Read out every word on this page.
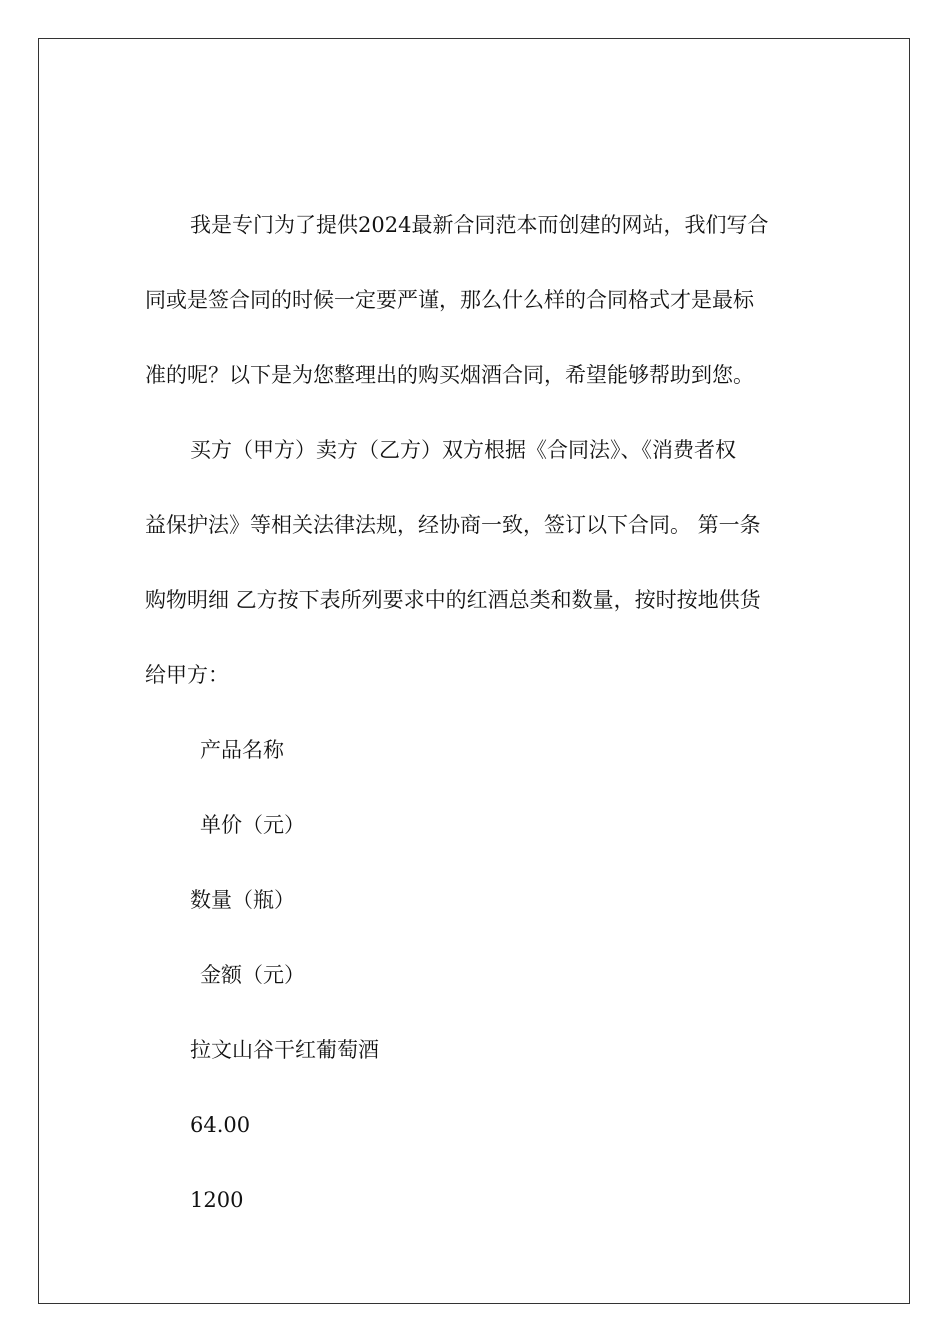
我是专门为了提供2024最新合同范本而创建的网站，我们写合
同或是签合同的时候一定要严谨，那么什么样的合同格式才是最标
准的呢？以下是为您整理出的购买烟酒合同，希望能够帮助到您。
买方（甲方）卖方（乙方）双方根据《合同法》、《消费者权
益保护法》等相关法律法规，经协商一致，签订以下合同。 第一条
购物明细 乙方按下表所列要求中的红酒总类和数量，按时按地供货
给甲方：
产品名称
单价（元）
数量（瓶）
金额（元）
拉文山谷干红葡萄酒
64.00
1200
